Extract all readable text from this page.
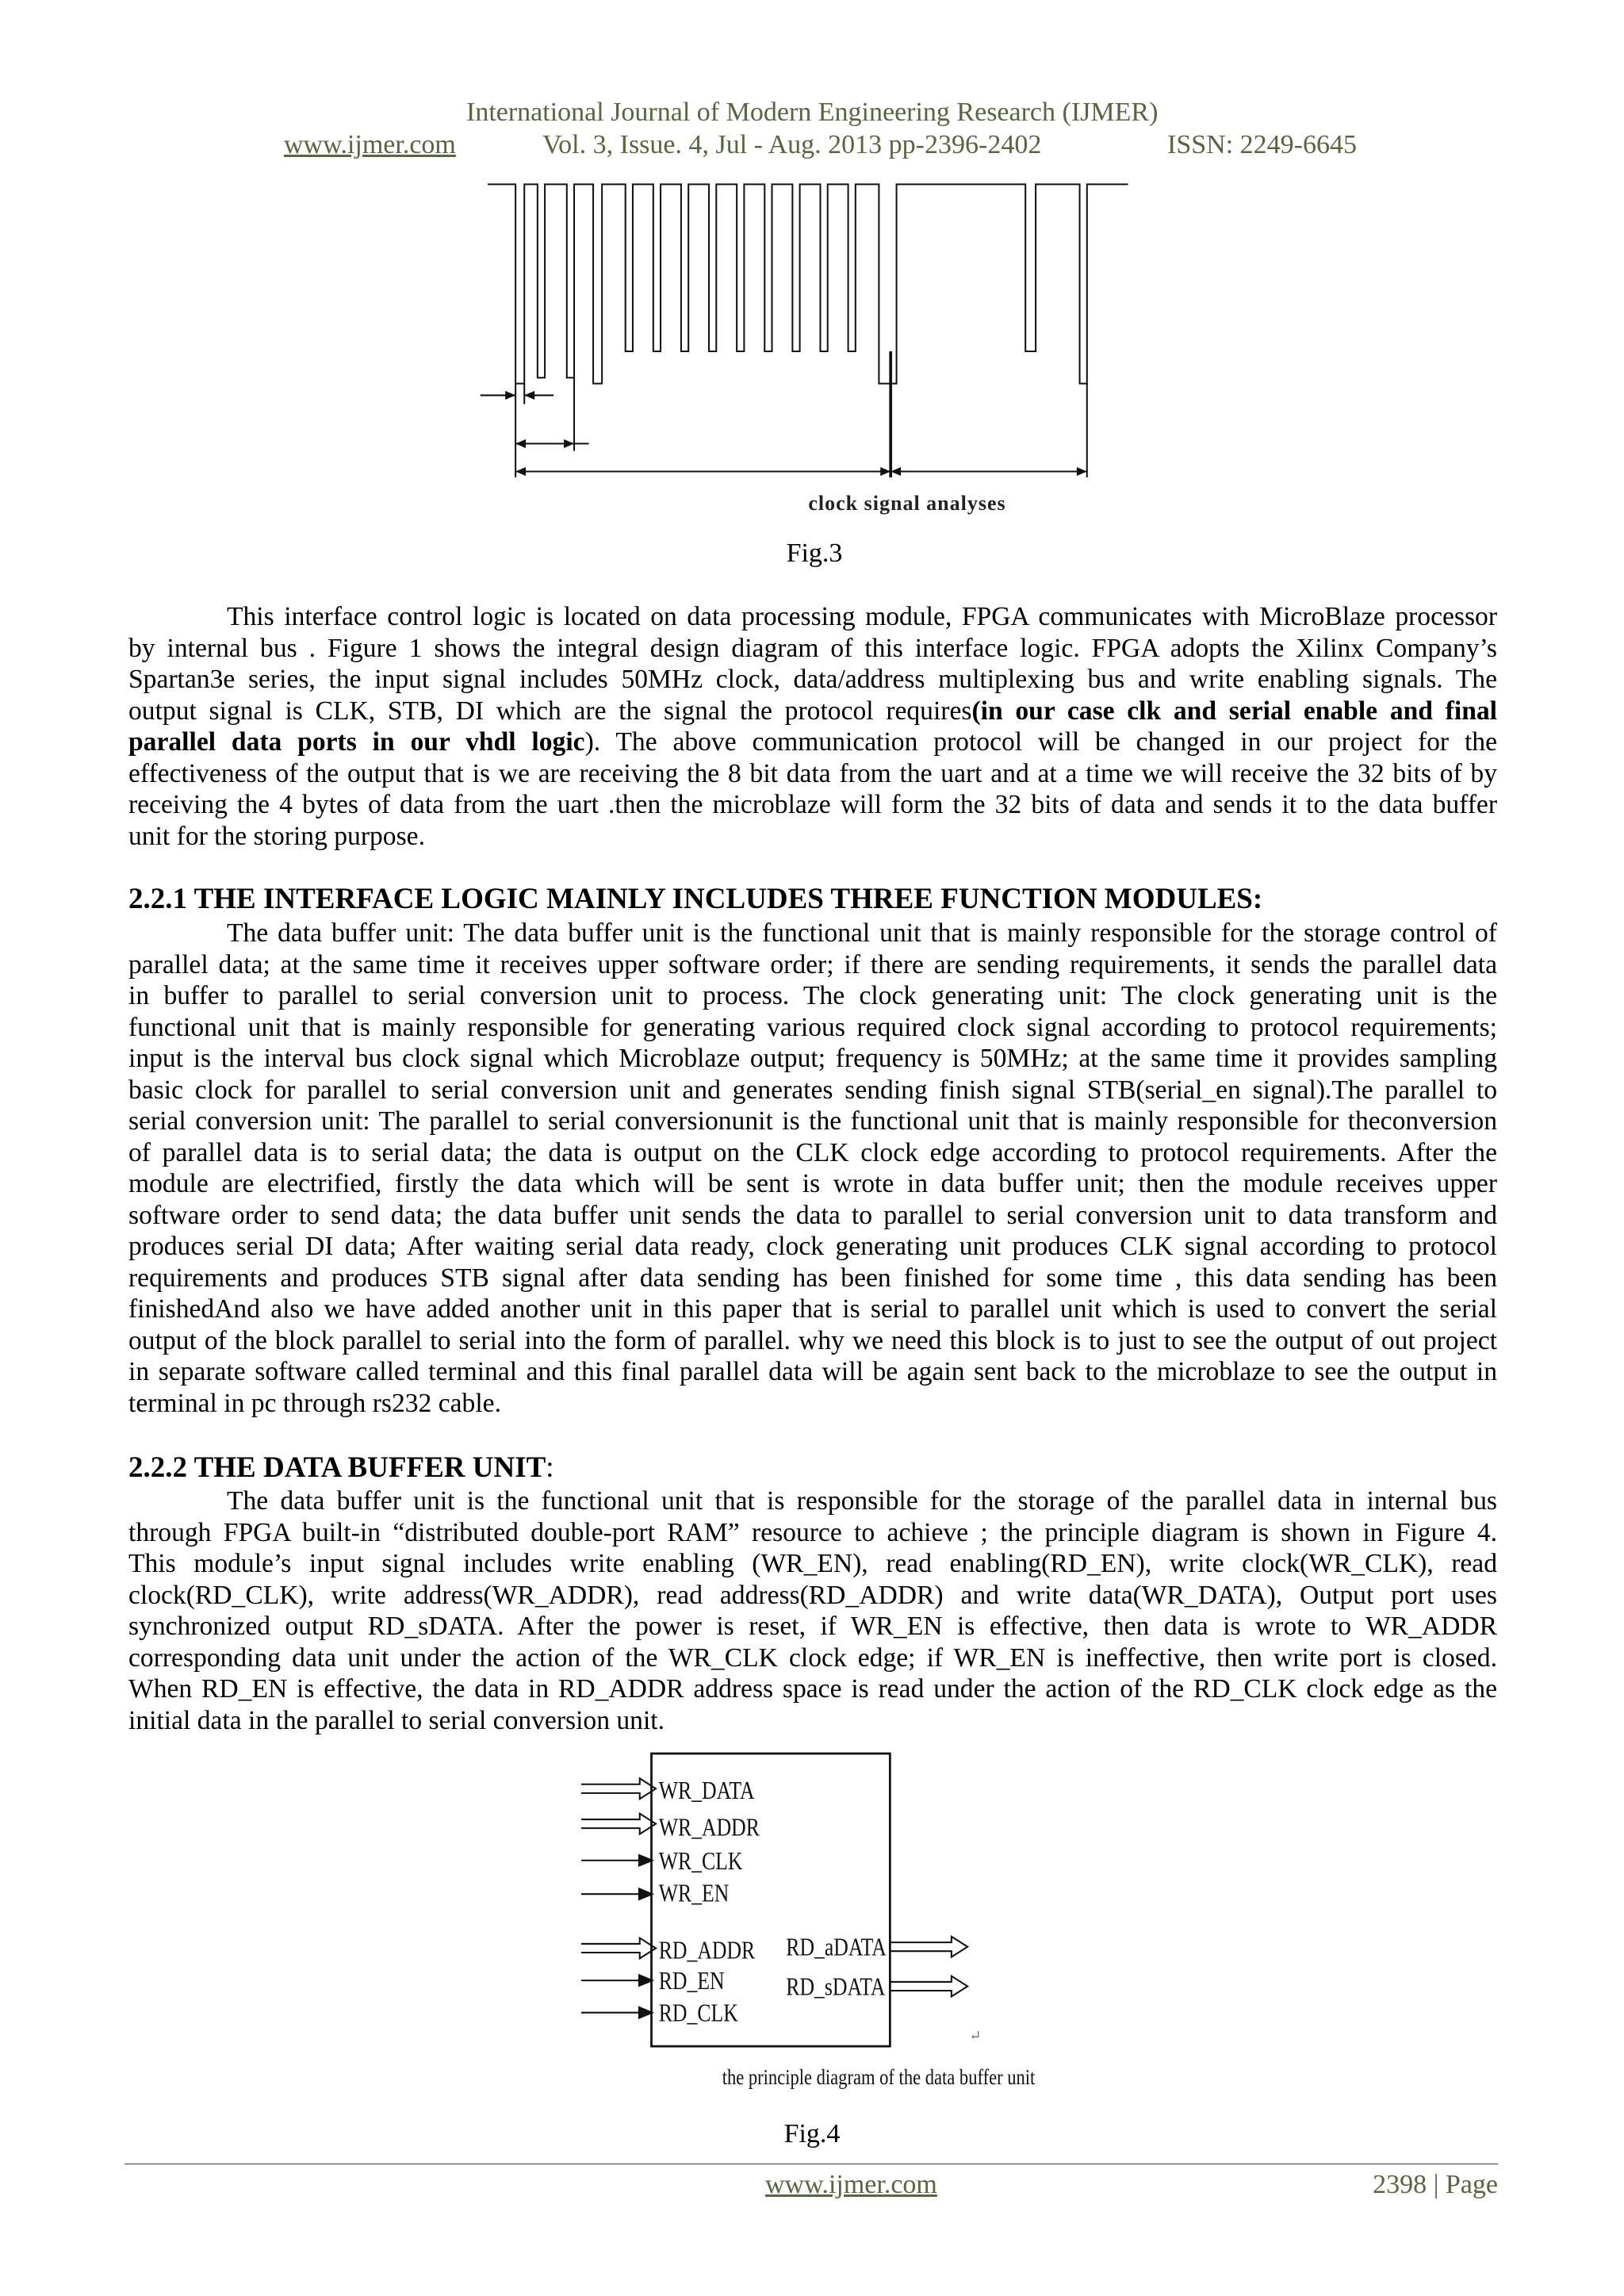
International Journal of Modern Engineering Research (IJMER)
www.ijmer.com	Vol. 3, Issue. 4, Jul - Aug. 2013 pp-2396-2402	ISSN: 2249-6645
clock signal analyses
Fig.3
This interface control logic is located on data processing module, FPGA communicates with MicroBlaze processor
by internal bus . Figure 1 shows the integral design diagram of this interface logic. FPGA adopts the Xilinx Company’s
Spartan3e series, the input signal includes 50MHz clock, data/address multiplexing bus and write enabling signals. The
output signal is CLK, STB, DI which are the signal the protocol requires(in our case clk and serial enable and final
parallel data ports in our vhdl logic). The above communication protocol will be changed in our project for the
effectiveness of the output that is we are receiving the 8 bit data from the uart and at a time we will receive the 32 bits of by
receiving the 4 bytes of data from the uart .then the microblaze will form the 32 bits of data and sends it to the data buffer
unit for the storing purpose.
2.2.1 THE INTERFACE LOGIC MAINLY INCLUDES THREE FUNCTION MODULES:
The data buffer unit: The data buffer unit is the functional unit that is mainly responsible for the storage control of
parallel data; at the same time it receives upper software order; if there are sending requirements, it sends the parallel data
in buffer to parallel to serial conversion unit to process. The clock generating unit: The clock generating unit is the
functional unit that is mainly responsible for generating various required clock signal according to protocol requirements;
input is the interval bus clock signal which Microblaze output; frequency is 50MHz; at the same time it provides sampling
basic clock for parallel to serial conversion unit and generates sending finish signal STB(serial_en signal).The parallel to
serial conversion unit: The parallel to serial conversionunit is the functional unit that is mainly responsible for theconversion
of parallel data is to serial data; the data is output on the CLK clock edge according to protocol requirements. After the
module are electrified, firstly the data which will be sent is wrote in data buffer unit; then the module receives upper
software order to send data; the data buffer unit sends the data to parallel to serial conversion unit to data transform and
produces serial DI data; After waiting serial data ready, clock generating unit produces CLK signal according to protocol
requirements and produces STB signal after data sending has been finished for some time , this data sending has been
finishedAnd also we have added another unit in this paper that is serial to parallel unit which is used to convert the serial
output of the block parallel to serial into the form of parallel. why we need this block is to just to see the output of out project
in separate software called terminal and this final parallel data will be again sent back to the microblaze to see the output in
terminal in pc through rs232 cable.
2.2.2 THE DATA BUFFER UNIT:
The data buffer unit is the functional unit that is responsible for the storage of the parallel data in internal bus
through FPGA built-in “distributed double-port RAM” resource to achieve ; the principle diagram is shown in Figure 4.
This module’s input signal includes write enabling (WR_EN), read enabling(RD_EN), write clock(WR_CLK), read
clock(RD_CLK), write address(WR_ADDR), read address(RD_ADDR) and write data(WR_DATA), Output port uses
synchronized output RD_sDATA. After the power is reset, if WR_EN is effective, then data is wrote to WR_ADDR
corresponding data unit under the action of the WR_CLK clock edge; if WR_EN is ineffective, then write port is closed.
When RD_EN is effective, the data in RD_ADDR address space is read under the action of the RD_CLK clock edge as the
initial data in the parallel to serial conversion unit.
WR_DATA
WR_ADDR
WR_CLK
WR_EN
RD_ADDR
RD_EN
RD_CLK
RD_aDATA
RD_sDATA
↵
the principle diagram of the data buffer unit
Fig.4
www.ijmer.com	2398 | Page
